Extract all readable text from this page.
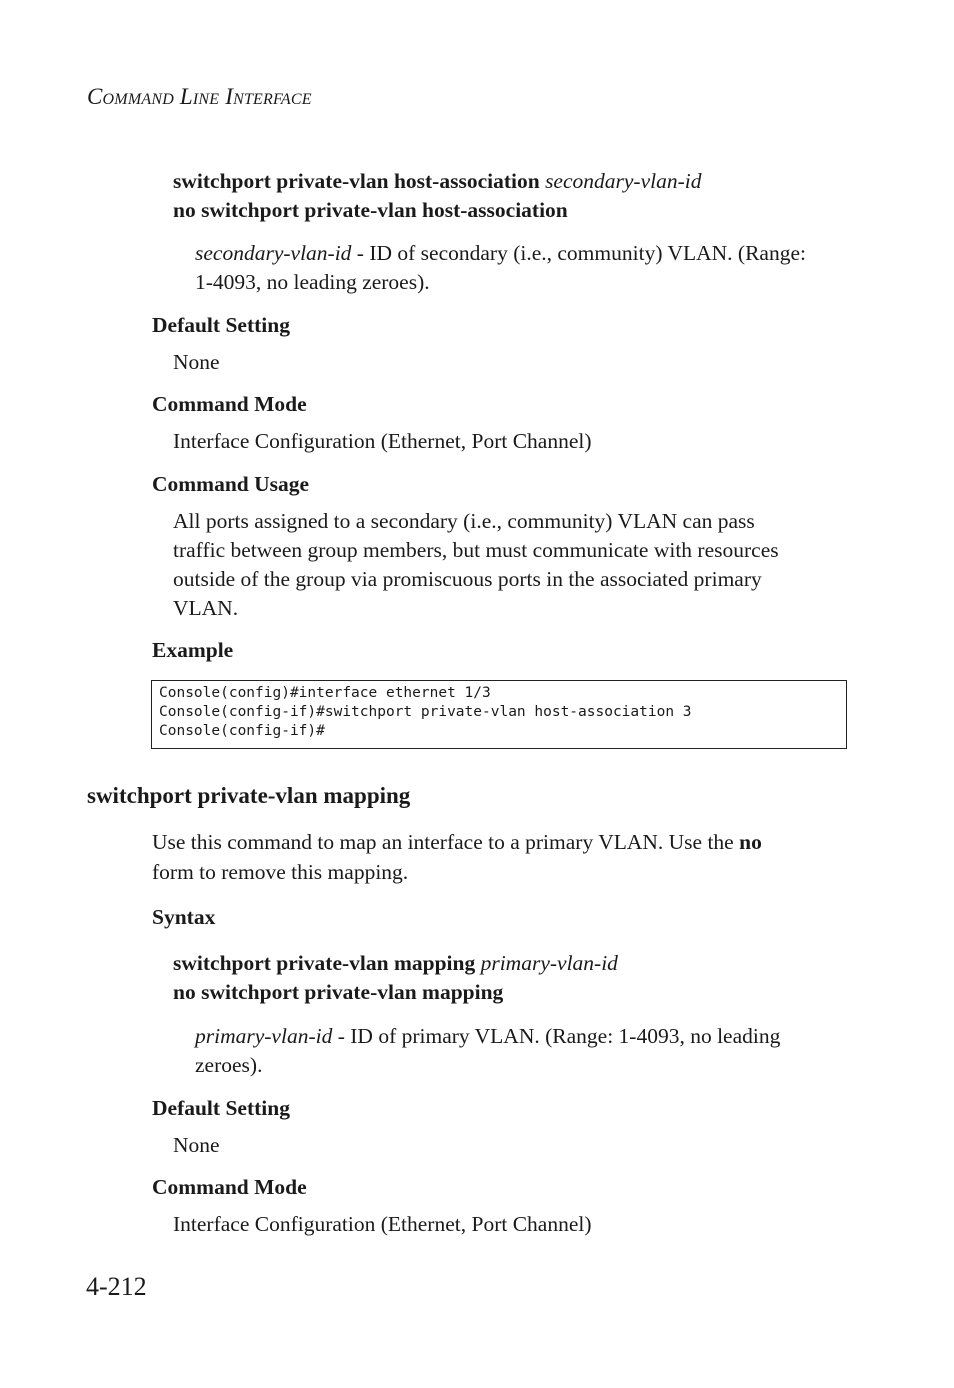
Command Line Interface
switchport private-vlan host-association secondary-vlan-id
no switchport private-vlan host-association
secondary-vlan-id - ID of secondary (i.e., community) VLAN. (Range:
1-4093, no leading zeroes).
Default Setting
None
Command Mode
Interface Configuration (Ethernet, Port Channel)
Command Usage
All ports assigned to a secondary (i.e., community) VLAN can pass
traffic between group members, but must communicate with resources
outside of the group via promiscuous ports in the associated primary
VLAN.
Example
Console(config)#interface ethernet 1/3
Console(config-if)#switchport private-vlan host-association 3
Console(config-if)#
switchport private-vlan mapping
Use this command to map an interface to a primary VLAN. Use the no
form to remove this mapping.
Syntax
switchport private-vlan mapping primary-vlan-id
no switchport private-vlan mapping
primary-vlan-id - ID of primary VLAN. (Range: 1-4093, no leading
zeroes).
Default Setting
None
Command Mode
Interface Configuration (Ethernet, Port Channel)
4-212
